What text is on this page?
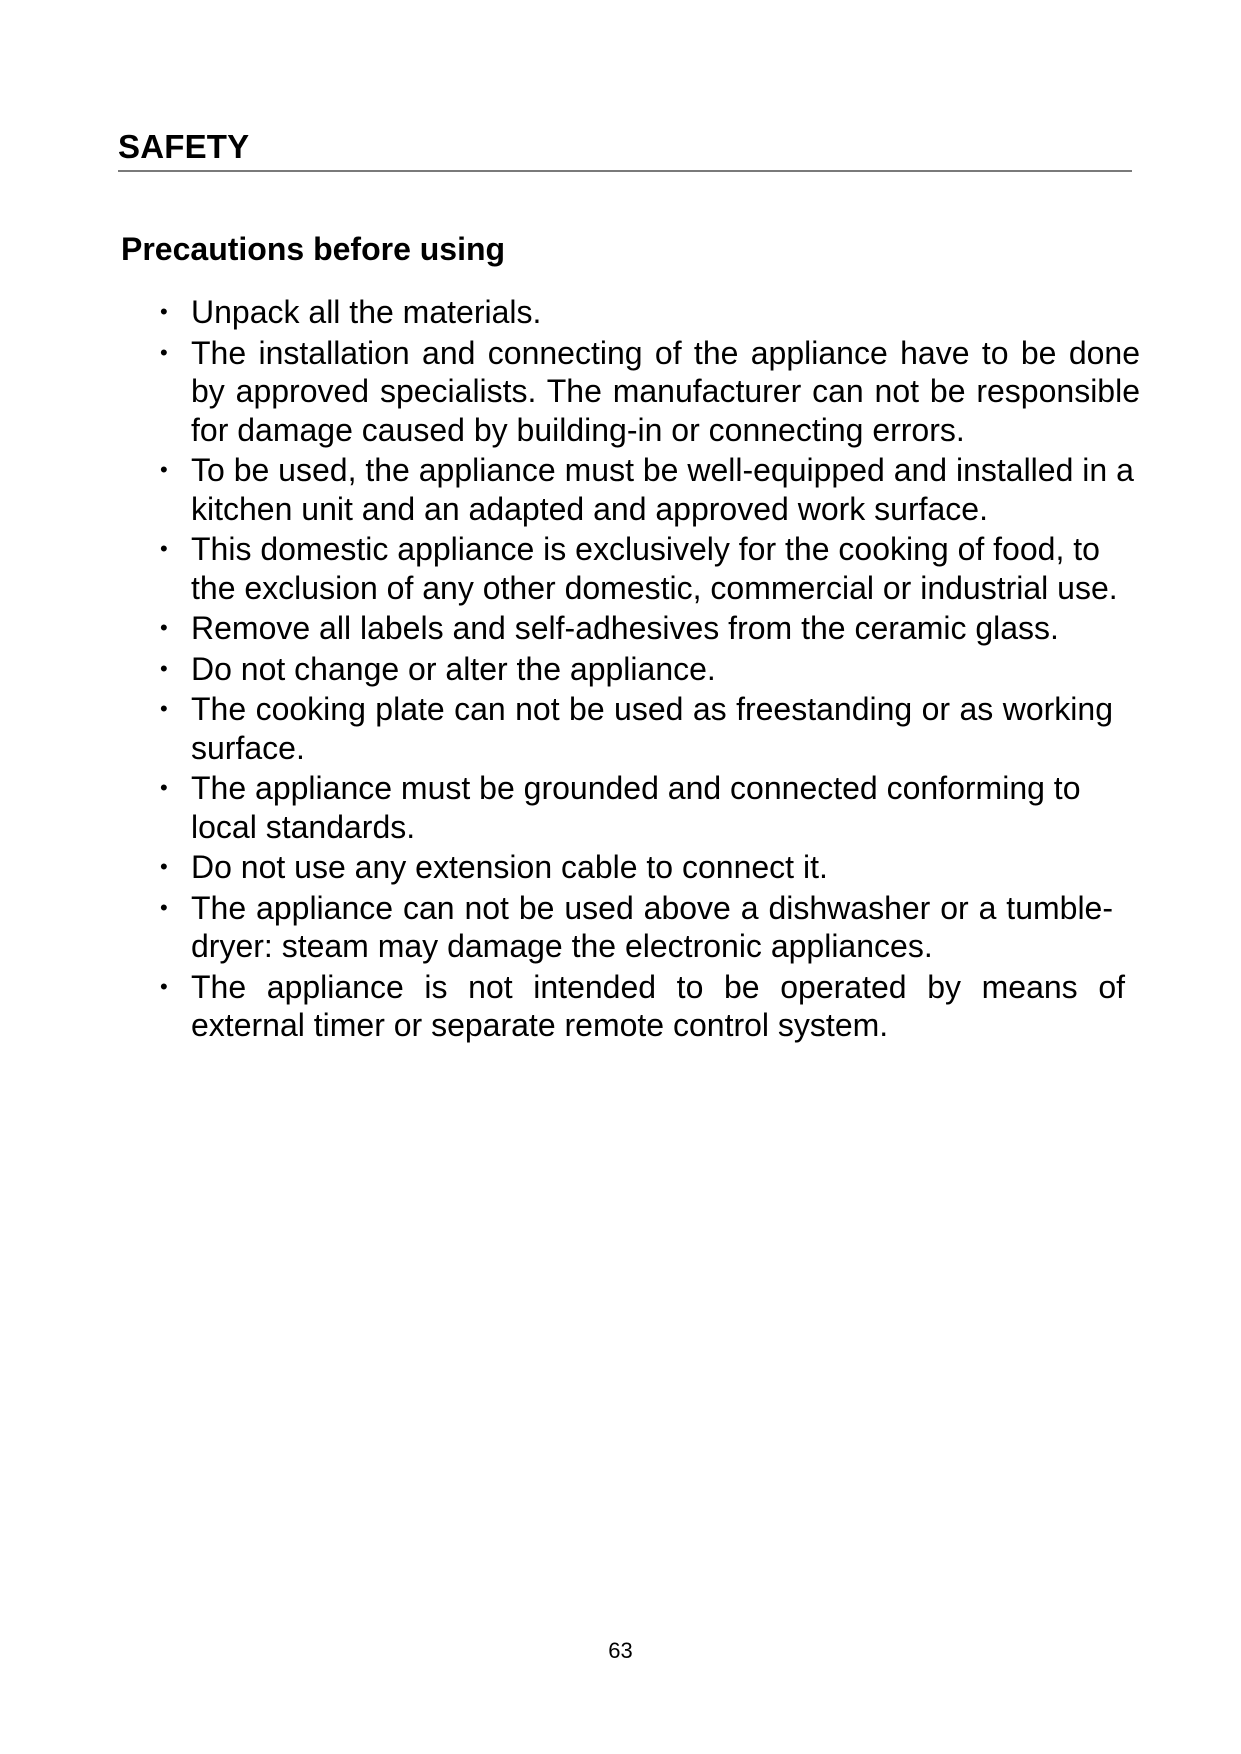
SAFETY
Precautions before using
• Unpack all the materials.
• The installation and connecting of the appliance have to be done by approved specialists. The manufacturer can not be responsible for damage caused by building-in or connecting errors.
• To be used, the appliance must be well-equipped and installed in a kitchen unit and an adapted and approved work surface.
• This domestic appliance is exclusively for the cooking of food, to the exclusion of any other domestic, commercial or industrial use.
• Remove all labels and self-adhesives from the ceramic glass.
• Do not change or alter the appliance.
• The cooking plate can not be used as freestanding or as working surface.
• The appliance must be grounded and connected conforming to local standards.
• Do not use any extension cable to connect it.
• The appliance can not be used above a dishwasher or a tumble-dryer: steam may damage the electronic appliances.
• The appliance is not intended to be operated by means of external timer or separate remote control system.
63
